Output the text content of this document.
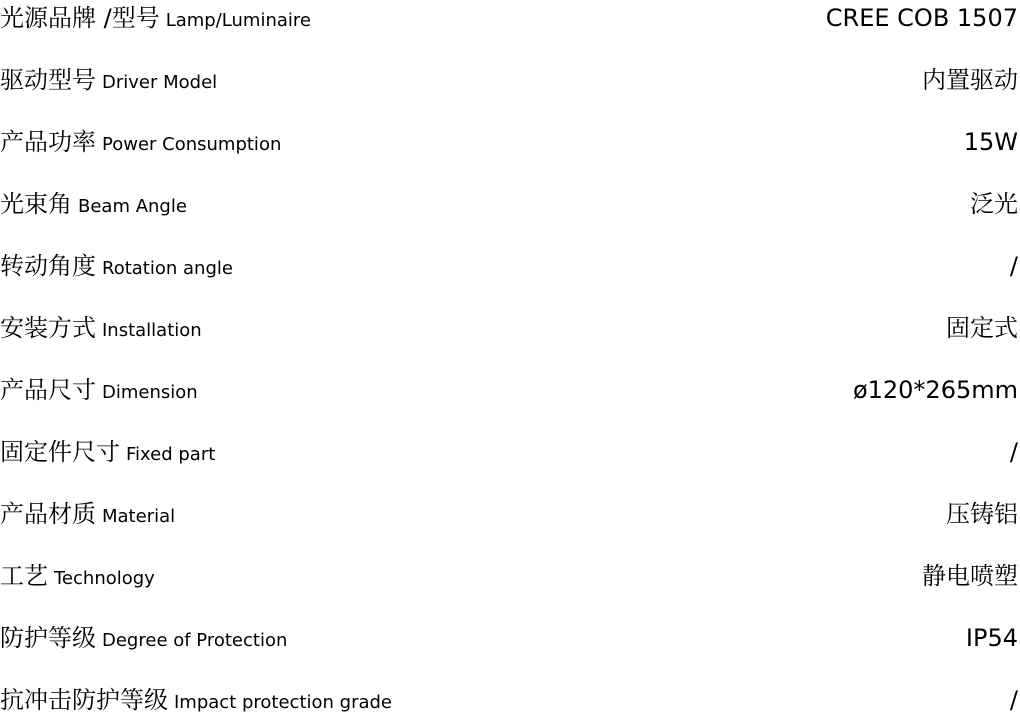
光源品牌 /型号 Lamp/Luminaire	CREE COB 1507
驱动型号 Driver Model	内置驱动
产品功率 Power Consumption	15W
光束角 Beam Angle	泛光
转动角度 Rotation angle	/
安装方式 Installation	固定式
产品尺寸 Dimension	ø120*265mm
固定件尺寸 Fixed part	/
产品材质 Material	压铸铝
工艺 Technology	静电喷塑
防护等级 Degree of Protection	IP54
抗冲击防护等级 Impact protection grade	/
